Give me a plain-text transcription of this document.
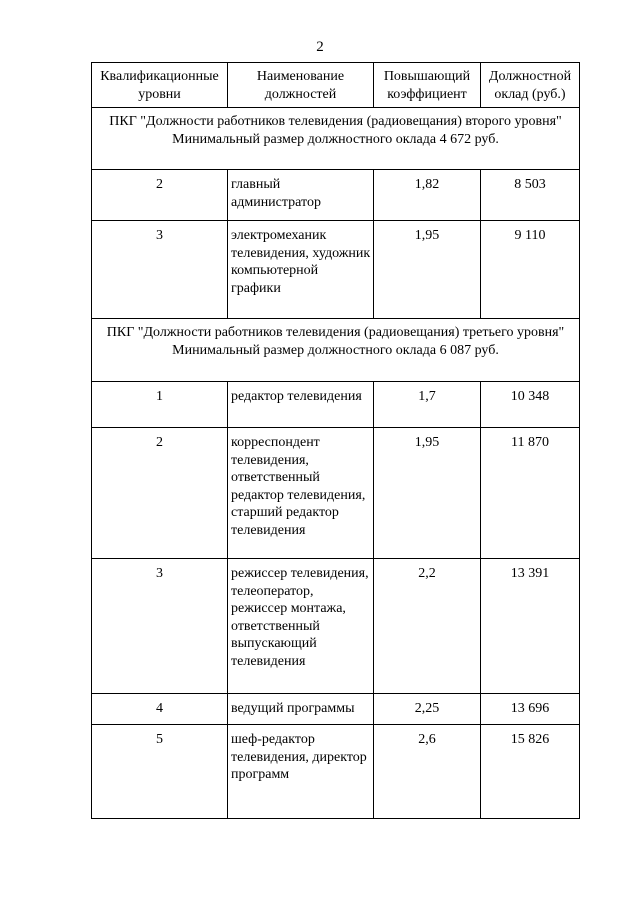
2
Квалификационные уровни	Наименование должностей	Повышающий коэффициент	Должностной оклад (руб.)

ПКГ "Должности работников телевидения (радиовещания) второго уровня"
Минимальный размер должностного оклада 4 672 руб.			

2	главный администратор	1,82	8 503
3	электромеханик телевидения, художник компьютерной графики	1,95	9 110

ПКГ "Должности работников телевидения (радиовещания) третьего уровня"
Минимальный размер должностного оклада 6 087 руб.			

1	редактор телевидения	1,7	10 348
2	корреспондент телевидения, ответственный редактор телевидения, старший редактор телевидения	1,95	11 870
3	режиссер телевидения, телеоператор, режиссер монтажа, ответственный выпускающий телевидения	2,2	13 391
4	ведущий программы	2,25	13 696
5	шеф-редактор телевидения, директор программ	2,6	15 826
